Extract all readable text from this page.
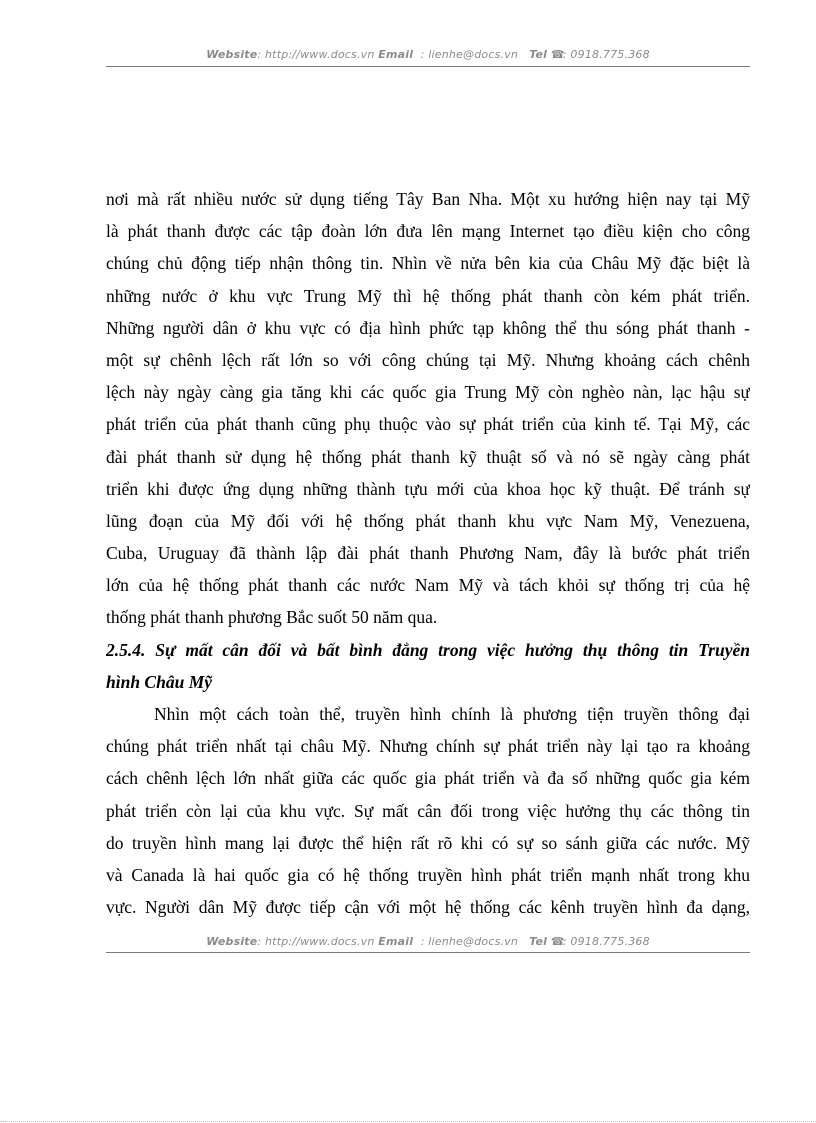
Website: http://www.docs.vn Email : lienhe@docs.vn Tel ☎: 0918.775.368
nơi mà rất nhiều nước sử dụng tiếng Tây Ban Nha. Một xu hướng hiện nay tại Mỹ
là phát thanh được các tập đoàn lớn đưa lên mạng Internet tạo điều kiện cho công
chúng chủ động tiếp nhận thông tin. Nhìn về nửa bên kia của Châu Mỹ đặc biệt là
những nước ở khu vực Trung Mỹ thì hệ thống phát thanh còn kém phát triển.
Những người dân ở khu vực có địa hình phức tạp không thể thu sóng phát thanh -
một sự chênh lệch rất lớn so với công chúng tại Mỹ. Nhưng khoảng cách chênh
lệch này ngày càng gia tăng khi các quốc gia Trung Mỹ còn nghèo nàn, lạc hậu sự
phát triển của phát thanh cũng phụ thuộc vào sự phát triển của kinh tế. Tại Mỹ, các
đài phát thanh sử dụng hệ thống phát thanh kỹ thuật số và nó sẽ ngày càng phát
triển khi được ứng dụng những thành tựu mới của khoa học kỹ thuật. Để tránh sự
lũng đoạn của Mỹ đối với hệ thống phát thanh khu vực Nam Mỹ, Venezuena,
Cuba, Uruguay đã thành lập đài phát thanh Phương Nam, đây là bước phát triển
lớn của hệ thống phát thanh các nước Nam Mỹ và tách khỏi sự thống trị của hệ
thống phát thanh phương Bắc suốt 50 năm qua.
2.5.4. Sự mất cân đối và bất bình đẳng trong việc hưởng thụ thông tin Truyền
hình Châu Mỹ
Nhìn một cách toàn thể, truyền hình chính là phương tiện truyền thông đại
chúng phát triển nhất tại châu Mỹ. Nhưng chính sự phát triển này lại tạo ra khoảng
cách chênh lệch lớn nhất giữa các quốc gia phát triển và đa số những quốc gia kém
phát triển còn lại của khu vực. Sự mất cân đối trong việc hưởng thụ các thông tin
do truyền hình mang lại được thể hiện rất rõ khi có sự so sánh giữa các nước. Mỹ
và Canada là hai quốc gia có hệ thống truyền hình phát triển mạnh nhất trong khu
vực. Người dân Mỹ được tiếp cận với một hệ thống các kênh truyền hình đa dạng,
Website: http://www.docs.vn Email : lienhe@docs.vn Tel ☎: 0918.775.368
